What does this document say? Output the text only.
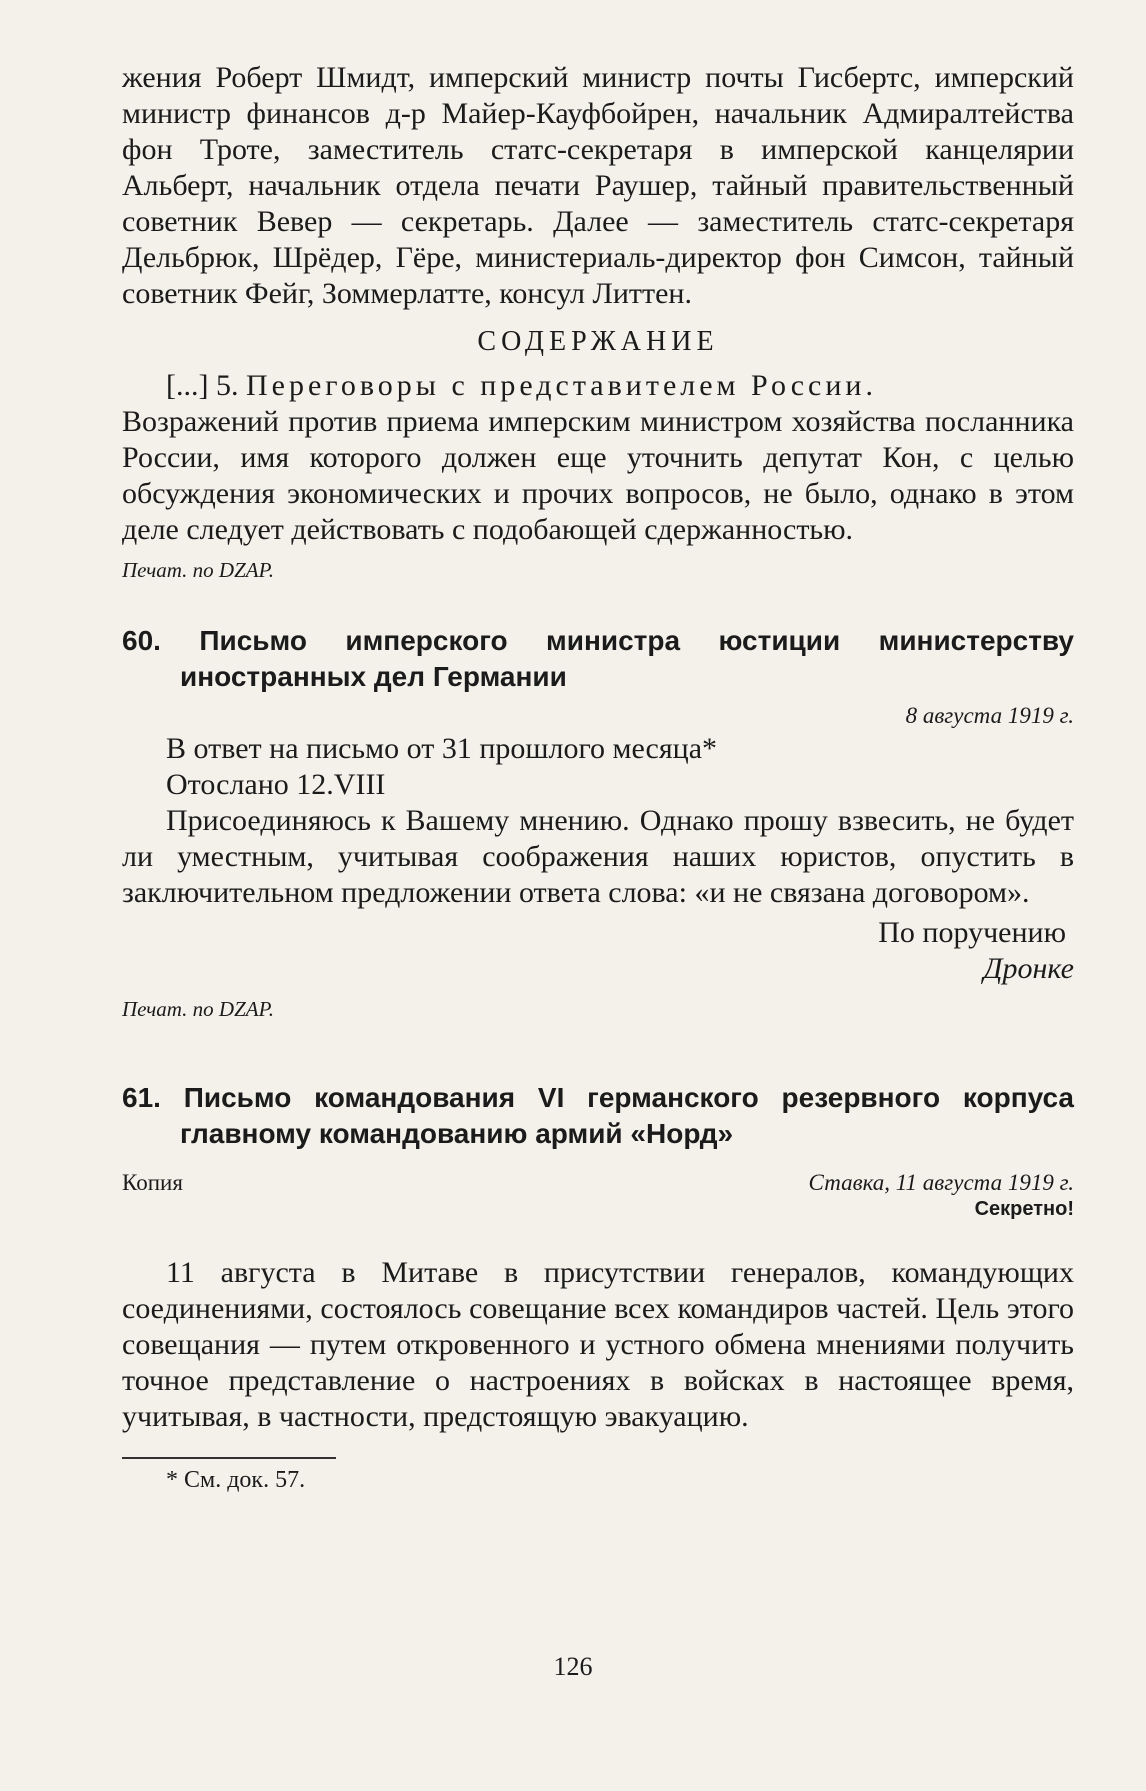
жения Роберт Шмидт, имперский министр почты Гисбертс, имперский министр финансов д-р Майер-Кауфбойрен, начальник Адмиралтейства фон Троте, заместитель статс-секретаря в имперской канцелярии Альберт, начальник отдела печати Раушер, тайный правительственный советник Вевер — секретарь. Далее — заместитель статс-секретаря Дельбрюк, Шрёдер, Гёре, министериаль-директор фон Симсон, тайный советник Фейг, Зоммерлатте, консул Литтен.

СОДЕРЖАНИЕ

[...] 5. Переговоры с представителем России.

Возражений против приема имперским министром хозяйства посланника России, имя которого должен еще уточнить депутат Кон, с целью обсуждения экономических и прочих вопросов, не было, однако в этом деле следует действовать с подобающей сдержанностью.

Печат. по DZAP.

60. Письмо имперского министра юстиции министерству иностранных дел Германии

8 августа 1919 г.

В ответ на письмо от 31 прошлого месяца*
Отослано 12.VIII

Присоединяюсь к Вашему мнению. Однако прошу взвесить, не будет ли уместным, учитывая соображения наших юристов, опустить в заключительном предложении ответа слова: «и не связана договором».

По поручению

Дронке

Печат. по DZAP.

61. Письмо командования VI германского резервного корпуса главному командованию армий «Норд»

Копия	Ставка, 11 августа 1919 г.

Секретно!

11 августа в Митаве в присутствии генералов, командующих соединениями, состоялось совещание всех командиров частей. Цель этого совещания — путем откровенного и устного обмена мнениями получить точное представление о настроениях в войсках в настоящее время, учитывая, в частности, предстоящую эвакуацию.

* См. док. 57.

126
